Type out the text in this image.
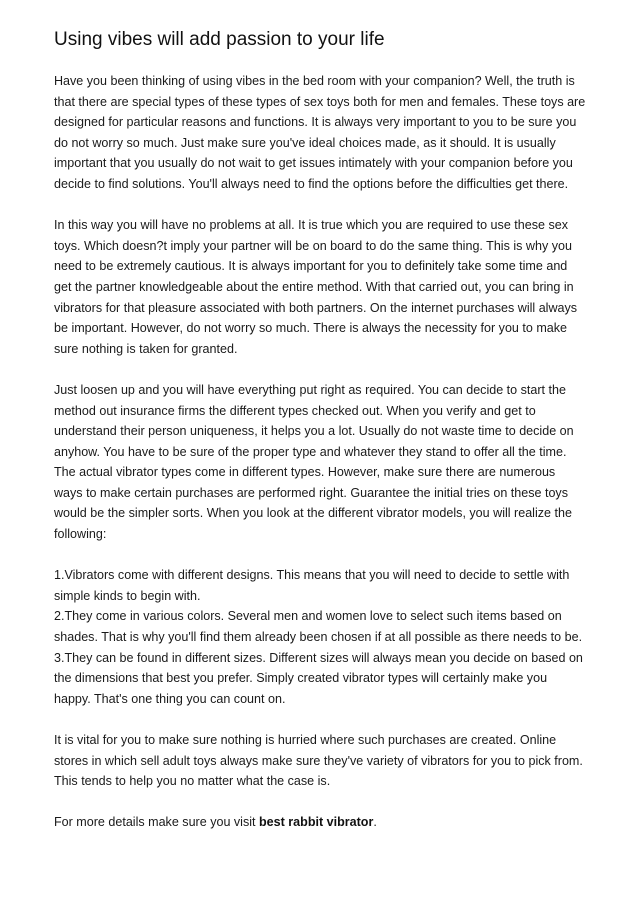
Using vibes will add passion to your life

Have you been thinking of using vibes in the bed room with your companion? Well, the truth is that there are special types of these types of sex toys both for men and females. These toys are designed for particular reasons and functions. It is always very important to you to be sure you do not worry so much. Just make sure you've ideal choices made, as it should. It is usually important that you usually do not wait to get issues intimately with your companion before you decide to find solutions. You'll always need to find the options before the difficulties get there.

In this way you will have no problems at all. It is true which you are required to use these sex toys. Which doesn?t imply your partner will be on board to do the same thing. This is why you need to be extremely cautious. It is always important for you to definitely take some time and get the partner knowledgeable about the entire method. With that carried out, you can bring in vibrators for that pleasure associated with both partners. On the internet purchases will always be important. However, do not worry so much. There is always the necessity for you to make sure nothing is taken for granted.

Just loosen up and you will have everything put right as required. You can decide to start the method out insurance firms the different types checked out. When you verify and get to understand their person uniqueness, it helps you a lot. Usually do not waste time to decide on anyhow. You have to be sure of the proper type and whatever they stand to offer all the time. The actual vibrator types come in different types. However, make sure there are numerous ways to make certain purchases are performed right. Guarantee the initial tries on these toys would be the simpler sorts. When you look at the different vibrator models, you will realize the following:

1.Vibrators come with different designs. This means that you will need to decide to settle with simple kinds to begin with.
2.They come in various colors. Several men and women love to select such items based on shades. That is why you'll find them already been chosen if at all possible as there needs to be.
3.They can be found in different sizes. Different sizes will always mean you decide on based on the dimensions that best you prefer. Simply created vibrator types will certainly make you happy. That's one thing you can count on.

It is vital for you to make sure nothing is hurried where such purchases are created. Online stores in which sell adult toys always make sure they've variety of vibrators for you to pick from. This tends to help you no matter what the case is.

For more details make sure you visit best rabbit vibrator.
